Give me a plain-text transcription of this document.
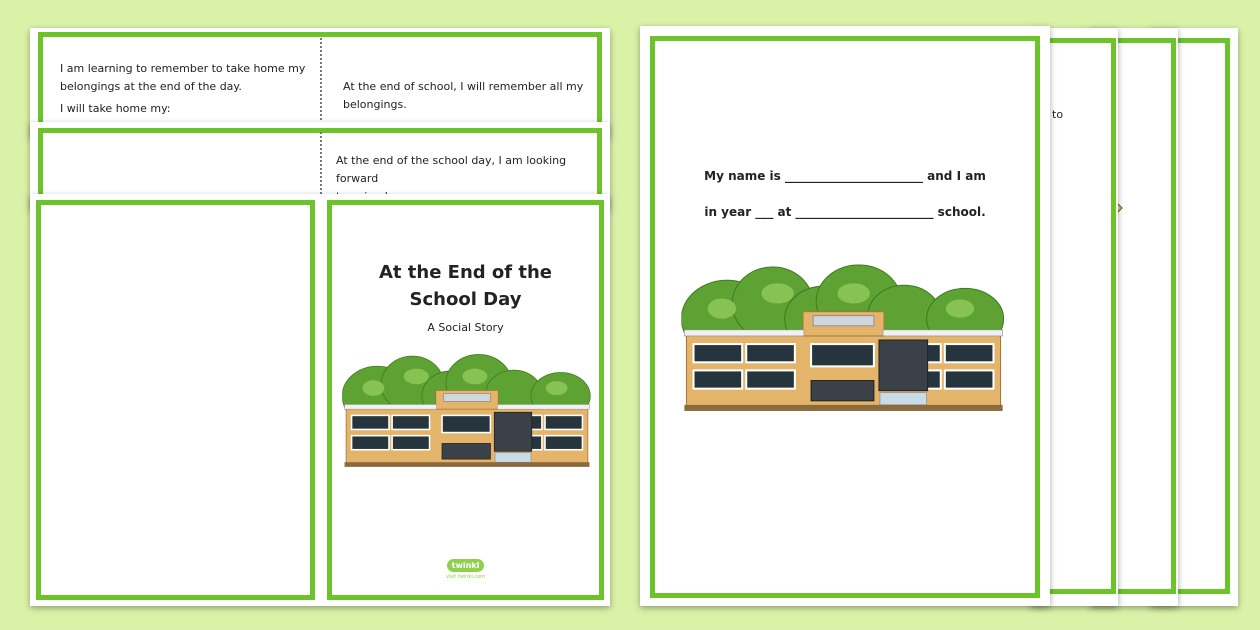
I am learning to remember to take home my
belongings at the end of the day.
I will take home my:
At the end of school, I will remember all my
belongings.
At the end of the school day, I am looking forward
At the End of the
School Day
A Social Story
twinkl
visit twinkl.com
to
My name is _______________________ and I am
in year ___ at _______________________ school.
